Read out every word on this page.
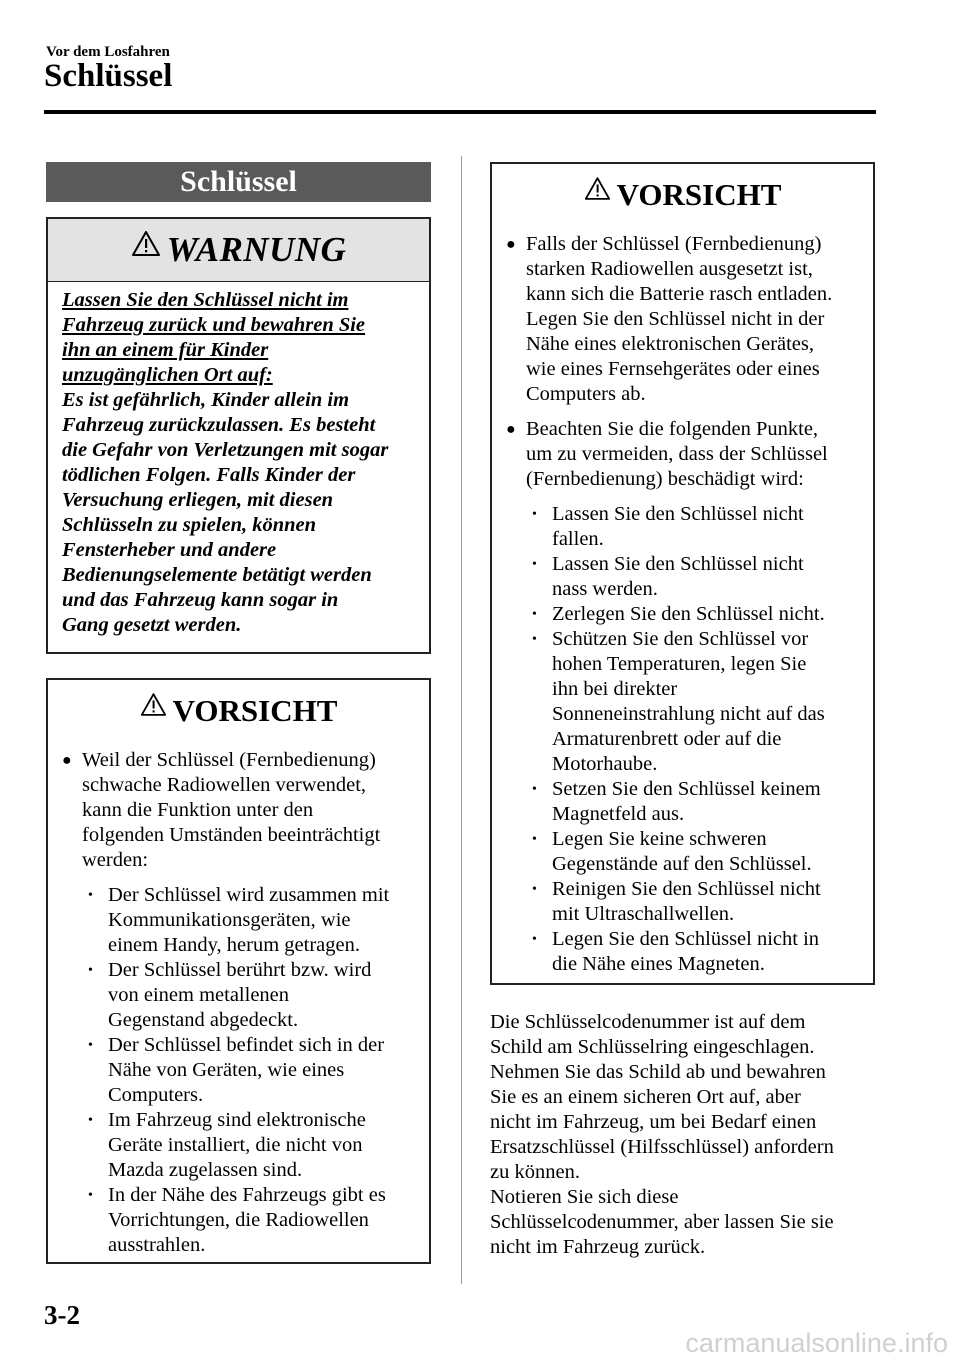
Vor dem Losfahren
Schlüssel
Schlüssel
WARNUNG
Lassen Sie den Schlüssel nicht im
Fahrzeug zurück und bewahren Sie
ihn an einem für Kinder
unzugänglichen Ort auf:
Es ist gefährlich, Kinder allein im
Fahrzeug zurückzulassen. Es besteht
die Gefahr von Verletzungen mit sogar
tödlichen Folgen. Falls Kinder der
Versuchung erliegen, mit diesen
Schlüsseln zu spielen, können
Fensterheber und andere
Bedienungselemente betätigt werden
und das Fahrzeug kann sogar in
Gang gesetzt werden.
VORSICHT
● Weil der Schlüssel (Fernbedienung)
schwache Radiowellen verwendet,
kann die Funktion unter den
folgenden Umständen beeinträchtigt
werden:
• Der Schlüssel wird zusammen mit
Kommunikationsgeräten, wie
einem Handy, herum getragen.
• Der Schlüssel berührt bzw. wird
von einem metallenen
Gegenstand abgedeckt.
• Der Schlüssel befindet sich in der
Nähe von Geräten, wie eines
Computers.
• Im Fahrzeug sind elektronische
Geräte installiert, die nicht von
Mazda zugelassen sind.
• In der Nähe des Fahrzeugs gibt es
Vorrichtungen, die Radiowellen
ausstrahlen.
VORSICHT
● Falls der Schlüssel (Fernbedienung)
starken Radiowellen ausgesetzt ist,
kann sich die Batterie rasch entladen.
Legen Sie den Schlüssel nicht in der
Nähe eines elektronischen Gerätes,
wie eines Fernsehgerätes oder eines
Computers ab.
● Beachten Sie die folgenden Punkte,
um zu vermeiden, dass der Schlüssel
(Fernbedienung) beschädigt wird:
• Lassen Sie den Schlüssel nicht
fallen.
• Lassen Sie den Schlüssel nicht
nass werden.
• Zerlegen Sie den Schlüssel nicht.
• Schützen Sie den Schlüssel vor
hohen Temperaturen, legen Sie
ihn bei direkter
Sonneneinstrahlung nicht auf das
Armaturenbrett oder auf die
Motorhaube.
• Setzen Sie den Schlüssel keinem
Magnetfeld aus.
• Legen Sie keine schweren
Gegenstände auf den Schlüssel.
• Reinigen Sie den Schlüssel nicht
mit Ultraschallwellen.
• Legen Sie den Schlüssel nicht in
die Nähe eines Magneten.
Die Schlüsselcodenummer ist auf dem
Schild am Schlüsselring eingeschlagen.
Nehmen Sie das Schild ab und bewahren
Sie es an einem sicheren Ort auf, aber
nicht im Fahrzeug, um bei Bedarf einen
Ersatzschlüssel (Hilfsschlüssel) anfordern
zu können.
Notieren Sie sich diese
Schlüsselcodenummer, aber lassen Sie sie
nicht im Fahrzeug zurück.
3-2
carmanualsonline.info
